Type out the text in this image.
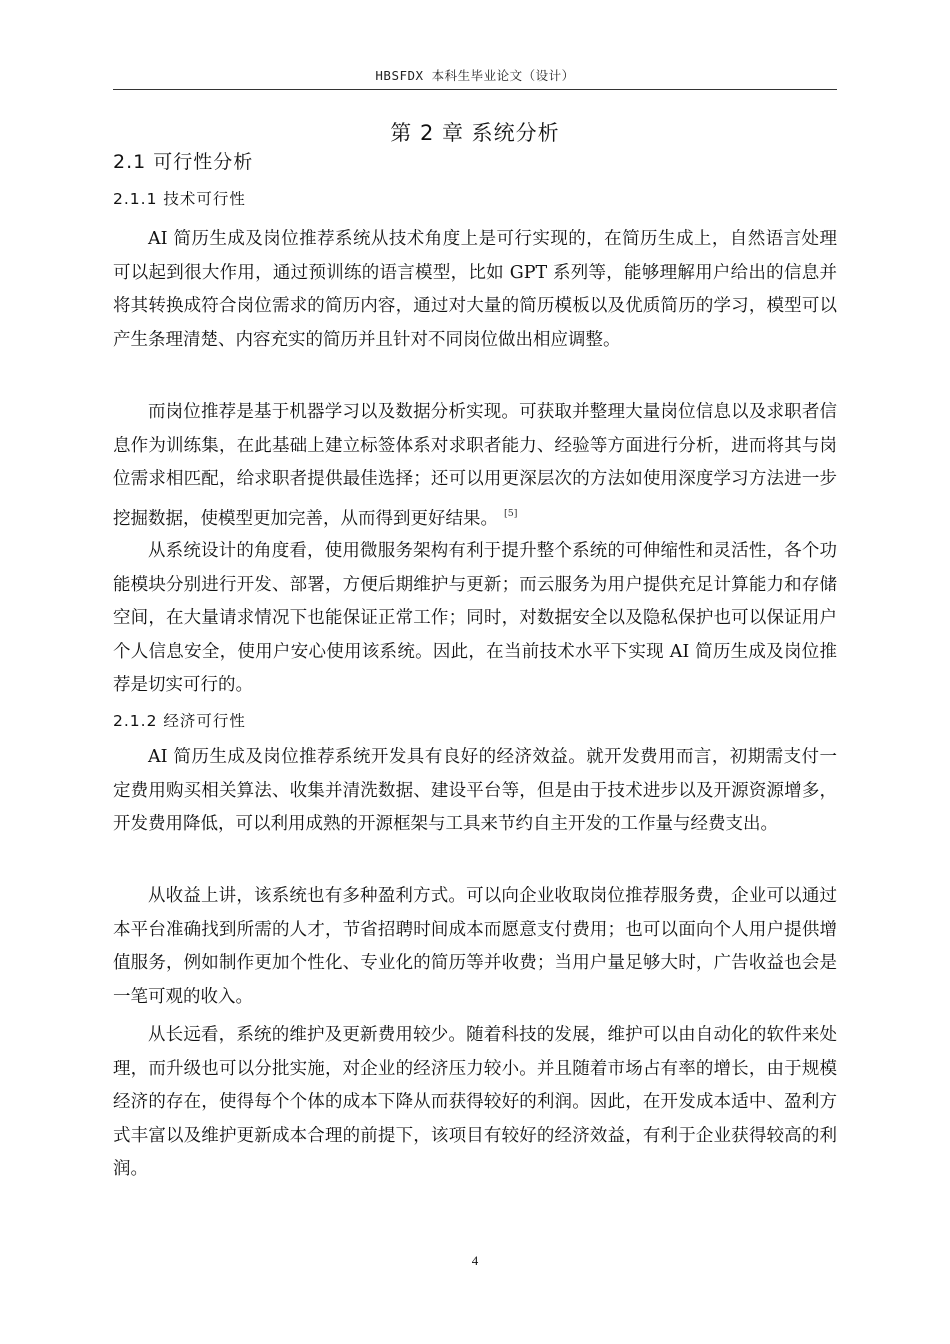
HBSFDX 本科生毕业论文（设计）
第 2 章 系统分析
2.1 可行性分析
2.1.1 技术可行性

AI 简历生成及岗位推荐系统从技术角度上是可行实现的，在简历生成上，自然语言处理可以起到很大作用，通过预训练的语言模型，比如 GPT 系列等，能够理解用户给出的信息并将其转换成符合岗位需求的简历内容，通过对大量的简历模板以及优质简历的学习，模型可以产生条理清楚、内容充实的简历并且针对不同岗位做出相应调整。

而岗位推荐是基于机器学习以及数据分析实现。可获取并整理大量岗位信息以及求职者信息作为训练集，在此基础上建立标签体系对求职者能力、经验等方面进行分析，进而将其与岗位需求相匹配，给求职者提供最佳选择；还可以用更深层次的方法如使用深度学习方法进一步挖掘数据，使模型更加完善，从而得到更好结果。 [5]

从系统设计的角度看，使用微服务架构有利于提升整个系统的可伸缩性和灵活性，各个功能模块分别进行开发、部署，方便后期维护与更新；而云服务为用户提供充足计算能力和存储空间，在大量请求情况下也能保证正常工作；同时，对数据安全以及隐私保护也可以保证用户个人信息安全，使用户安心使用该系统。因此，在当前技术水平下实现 AI 简历生成及岗位推荐是切实可行的。

2.1.2 经济可行性

AI 简历生成及岗位推荐系统开发具有良好的经济效益。就开发费用而言，初期需支付一定费用购买相关算法、收集并清洗数据、建设平台等，但是由于技术进步以及开源资源增多，开发费用降低，可以利用成熟的开源框架与工具来节约自主开发的工作量与经费支出。

从收益上讲，该系统也有多种盈利方式。可以向企业收取岗位推荐服务费，企业可以通过本平台准确找到所需的人才，节省招聘时间成本而愿意支付费用；也可以面向个人用户提供增值服务，例如制作更加个性化、专业化的简历等并收费；当用户量足够大时，广告收益也会是一笔可观的收入。

从长远看，系统的维护及更新费用较少。随着科技的发展，维护可以由自动化的软件来处理，而升级也可以分批实施，对企业的经济压力较小。并且随着市场占有率的增长，由于规模经济的存在，使得每个个体的成本下降从而获得较好的利润。因此，在开发成本适中、盈利方式丰富以及维护更新成本合理的前提下，该项目有较好的经济效益，有利于企业获得较高的利润。

4
